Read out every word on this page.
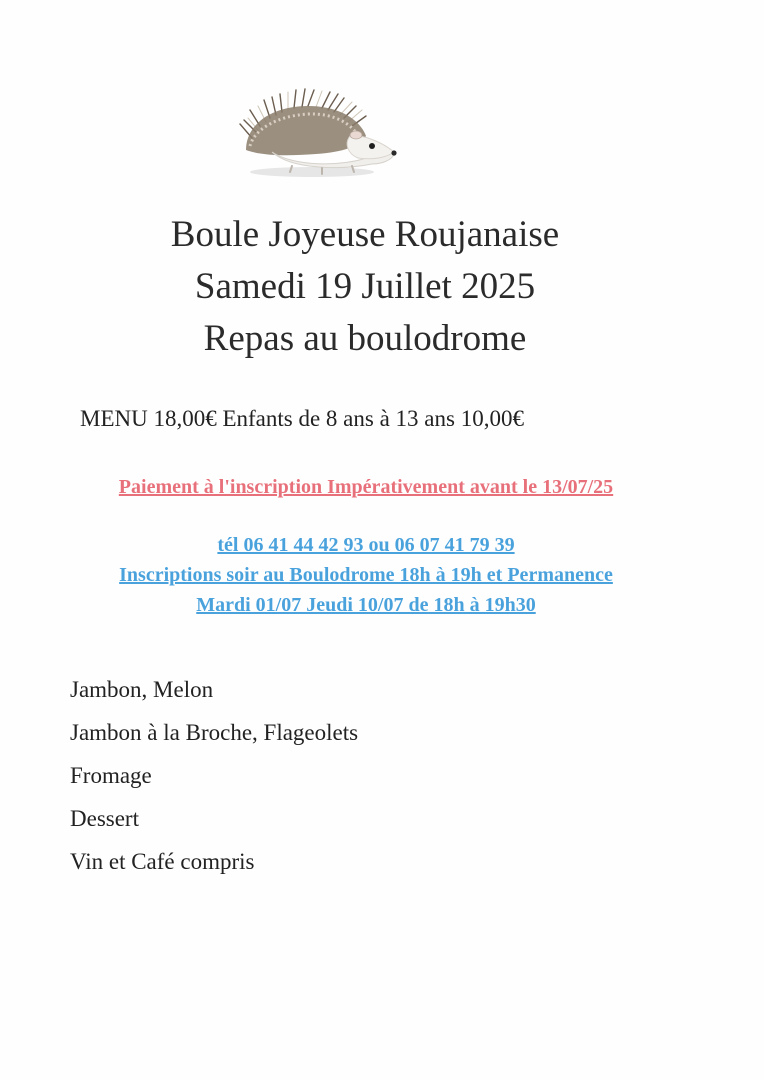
Boule Joyeuse Roujanaise
Samedi 19 Juillet 2025
Repas au boulodrome
MENU 18,00€ Enfants de 8 ans à 13 ans 10,00€
Paiement à l'inscription Impérativement avant le 13/07/25
tél 06 41 44 42 93 ou 06 07 41 79 39
Inscriptions soir au Boulodrome 18h à 19h et Permanence
Mardi 01/07 Jeudi 10/07 de 18h à 19h30
Jambon, Melon
Jambon à la Broche, Flageolets
Fromage
Dessert
Vin et Café compris
